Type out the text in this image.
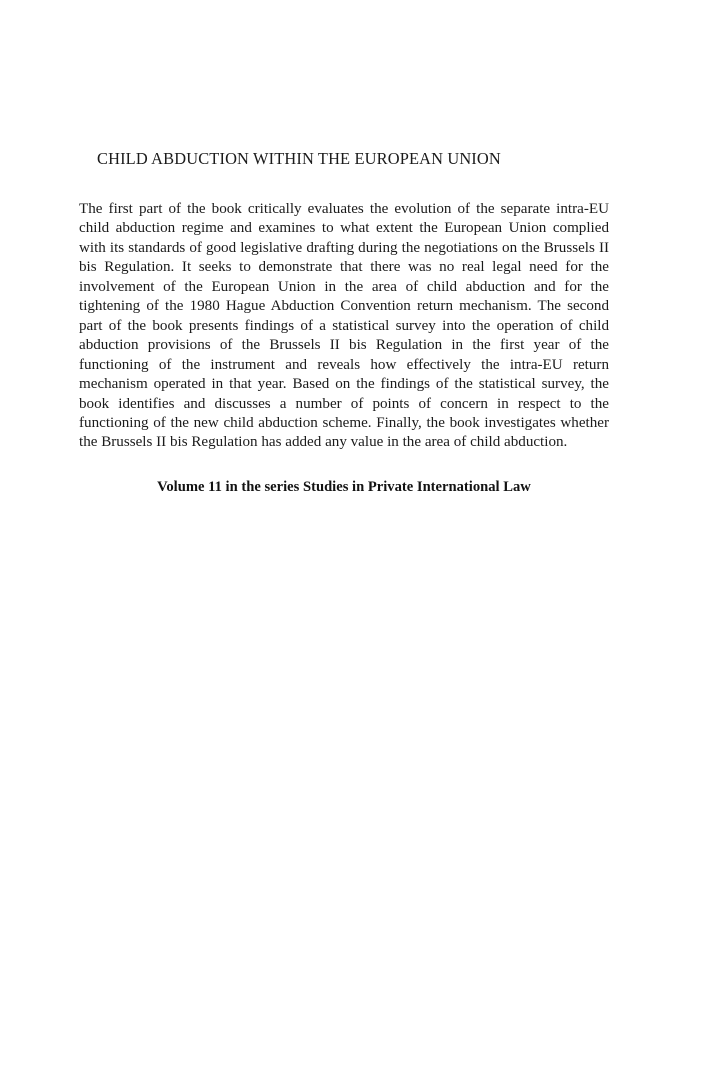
CHILD ABDUCTION WITHIN THE EUROPEAN UNION

The first part of the book critically evaluates the evolution of the separate intra-EU child abduction regime and examines to what extent the European Union complied with its standards of good legislative drafting during the negotiations on the Brussels II bis Regulation. It seeks to demonstrate that there was no real legal need for the involvement of the European Union in the area of child abduction and for the tightening of the 1980 Hague Abduction Convention return mechanism. The second part of the book presents findings of a statistical survey into the operation of child abduction provisions of the Brussels II bis Regulation in the first year of the functioning of the instrument and reveals how effectively the intra-EU return mechanism operated in that year. Based on the findings of the statistical survey, the book identifies and discusses a number of points of concern in respect to the functioning of the new child abduction scheme. Finally, the book investigates whether the Brussels II bis Regulation has added any value in the area of child abduction.

Volume 11 in the series Studies in Private International Law
